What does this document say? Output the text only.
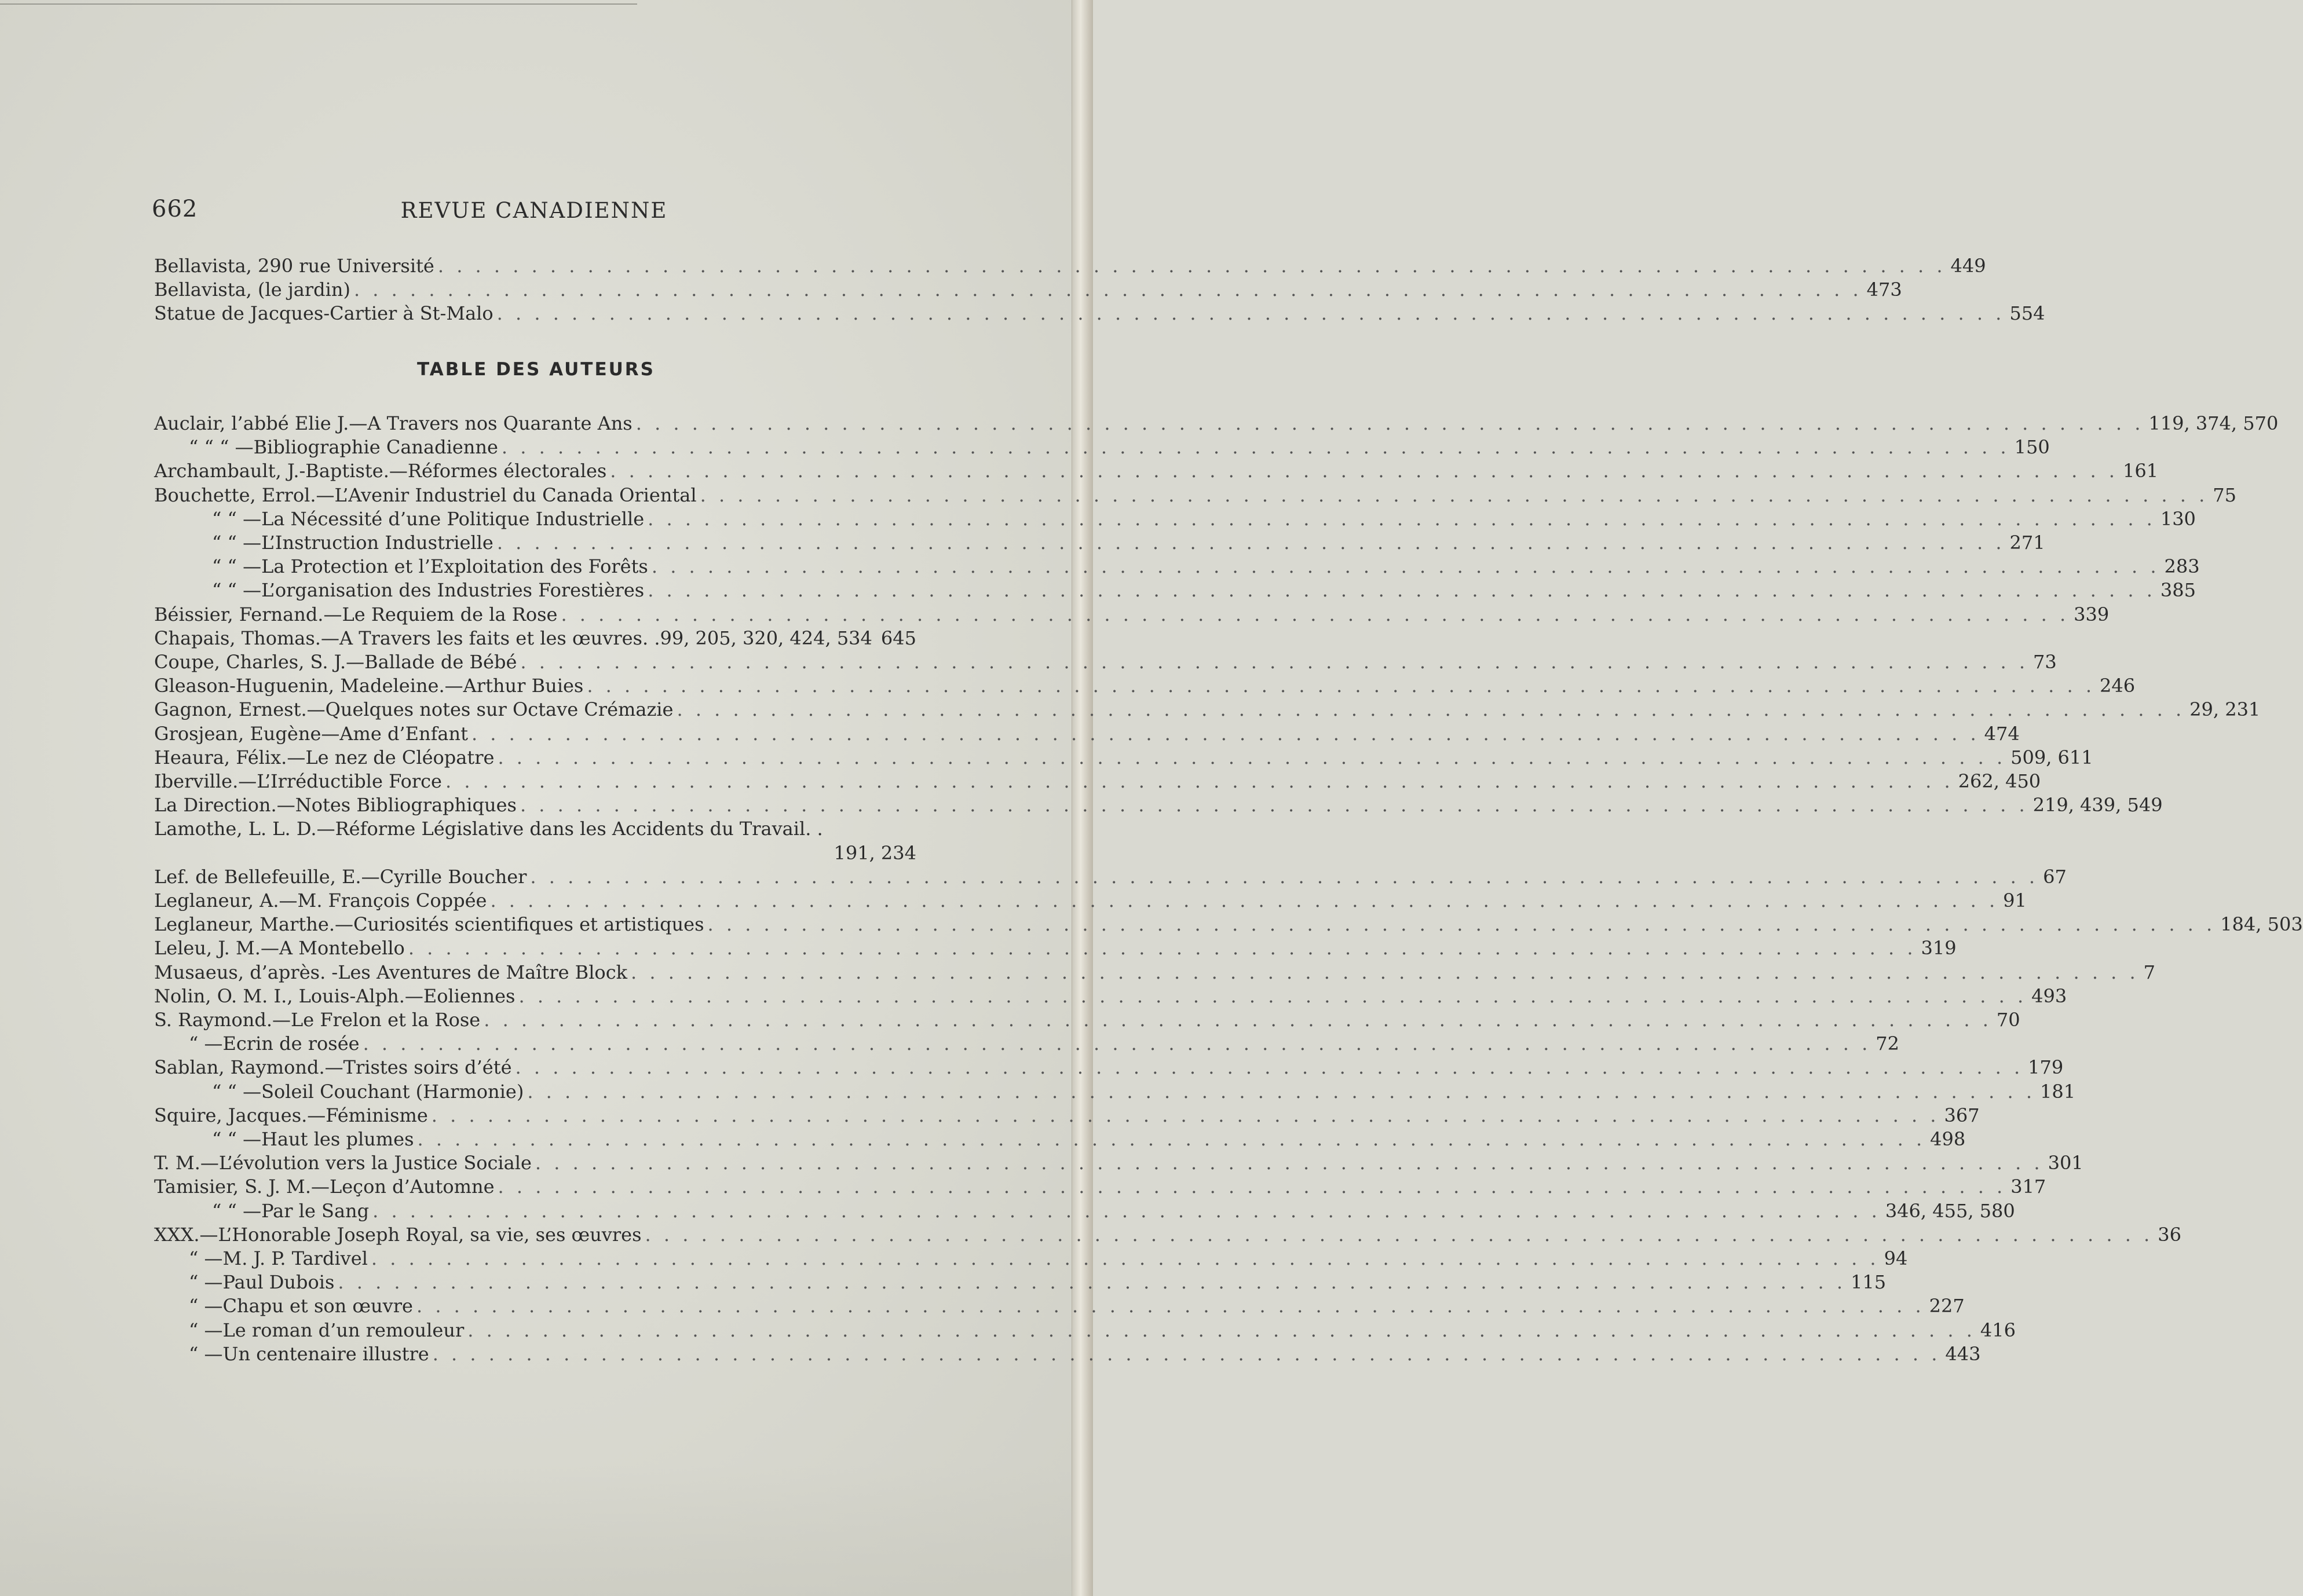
662	REVUE CANADIENNE
Bellavista, 290 rue Université . . . . . . . . . . . . . . . . . . . . . . . . . . . . . . . . . . . . . . . . . . . . . . . . . . . . . . . . . . . . . . . . . . . . . . . . . . . . . . . . . 449
Bellavista, (le jardin) . . . . . . . . . . . . . . . . . . . . . . . . . . . . . . . . . . . . . . . . . . . . . . . . . . . . . . . . . . . . . . . . . . . . . . . . . . . . . . . . . 473
Statue de Jacques-Cartier à St-Malo . . . . . . . . . . . . . . . . . . . . . . . . . . . . . . . . . . . . . . . . . . . . . . . . . . . . . . . . . . . . . . . . . . . . . . . . . . . . . . . . . 554
TABLE DES AUTEURS
Auclair, l’abbé Elie J.—A Travers nos Quarante Ans . . . . . . . . . . . . . . . . . . . . . . . . . . . . . . . . . . . . . . . . . . . . . . . . . . . . . . . . . . . . . . . . . . . . . . . . . . . . . . . . . 119, 374, 570
“ “ “ —Bibliographie Canadienne . . . . . . . . . . . . . . . . . . . . . . . . . . . . . . . . . . . . . . . . . . . . . . . . . . . . . . . . . . . . . . . . . . . . . . . . . . . . . . . . . 150
Archambault, J.-Baptiste.—Réformes électorales . . . . . . . . . . . . . . . . . . . . . . . . . . . . . . . . . . . . . . . . . . . . . . . . . . . . . . . . . . . . . . . . . . . . . . . . . . . . . . . . . 161
Bouchette, Errol.—L’Avenir Industriel du Canada Oriental . . . . . . . . . . . . . . . . . . . . . . . . . . . . . . . . . . . . . . . . . . . . . . . . . . . . . . . . . . . . . . . . . . . . . . . . . . . . . . . . . 75
“ “ —La Nécessité d’une Politique Industrielle . . . . . . . . . . . . . . . . . . . . . . . . . . . . . . . . . . . . . . . . . . . . . . . . . . . . . . . . . . . . . . . . . . . . . . . . . . . . . . . . . 130
“ “ —L’Instruction Industrielle . . . . . . . . . . . . . . . . . . . . . . . . . . . . . . . . . . . . . . . . . . . . . . . . . . . . . . . . . . . . . . . . . . . . . . . . . . . . . . . . . 271
“ “ —La Protection et l’Exploitation des Forêts . . . . . . . . . . . . . . . . . . . . . . . . . . . . . . . . . . . . . . . . . . . . . . . . . . . . . . . . . . . . . . . . . . . . . . . . . . . . . . . . . 283
“ “ —L’organisation des Industries Forestières . . . . . . . . . . . . . . . . . . . . . . . . . . . . . . . . . . . . . . . . . . . . . . . . . . . . . . . . . . . . . . . . . . . . . . . . . . . . . . . . . 385
Béissier, Fernand.—Le Requiem de la Rose . . . . . . . . . . . . . . . . . . . . . . . . . . . . . . . . . . . . . . . . . . . . . . . . . . . . . . . . . . . . . . . . . . . . . . . . . . . . . . . . . 339
Chapais, Thomas.—A Travers les faits et les œuvres. .99, 205, 320, 424, 534 645
Coupe, Charles, S. J.—Ballade de Bébé . . . . . . . . . . . . . . . . . . . . . . . . . . . . . . . . . . . . . . . . . . . . . . . . . . . . . . . . . . . . . . . . . . . . . . . . . . . . . . . . . 73
Gleason-Huguenin, Madeleine.—Arthur Buies . . . . . . . . . . . . . . . . . . . . . . . . . . . . . . . . . . . . . . . . . . . . . . . . . . . . . . . . . . . . . . . . . . . . . . . . . . . . . . . . . 246
Gagnon, Ernest.—Quelques notes sur Octave Crémazie . . . . . . . . . . . . . . . . . . . . . . . . . . . . . . . . . . . . . . . . . . . . . . . . . . . . . . . . . . . . . . . . . . . . . . . . . . . . . . . . . 29, 231
Grosjean, Eugène—Ame d’Enfant . . . . . . . . . . . . . . . . . . . . . . . . . . . . . . . . . . . . . . . . . . . . . . . . . . . . . . . . . . . . . . . . . . . . . . . . . . . . . . . . . 474
Heaura, Félix.—Le nez de Cléopatre . . . . . . . . . . . . . . . . . . . . . . . . . . . . . . . . . . . . . . . . . . . . . . . . . . . . . . . . . . . . . . . . . . . . . . . . . . . . . . . . . 509, 611
Iberville.—L’Irréductible Force . . . . . . . . . . . . . . . . . . . . . . . . . . . . . . . . . . . . . . . . . . . . . . . . . . . . . . . . . . . . . . . . . . . . . . . . . . . . . . . . . 262, 450
La Direction.—Notes Bibliographiques . . . . . . . . . . . . . . . . . . . . . . . . . . . . . . . . . . . . . . . . . . . . . . . . . . . . . . . . . . . . . . . . . . . . . . . . . . . . . . . . . 219, 439, 549
Lamothe, L. L. D.—Réforme Législative dans les Accidents du Travail. .
191, 234
Lef. de Bellefeuille, E.—Cyrille Boucher . . . . . . . . . . . . . . . . . . . . . . . . . . . . . . . . . . . . . . . . . . . . . . . . . . . . . . . . . . . . . . . . . . . . . . . . . . . . . . . . . 67
Leglaneur, A.—M. François Coppée . . . . . . . . . . . . . . . . . . . . . . . . . . . . . . . . . . . . . . . . . . . . . . . . . . . . . . . . . . . . . . . . . . . . . . . . . . . . . . . . . 91
Leglaneur, Marthe.—Curiosités scientifiques et artistiques . . . . . . . . . . . . . . . . . . . . . . . . . . . . . . . . . . . . . . . . . . . . . . . . . . . . . . . . . . . . . . . . . . . . . . . . . . . . . . . . . 184, 503
Leleu, J. M.—A Montebello . . . . . . . . . . . . . . . . . . . . . . . . . . . . . . . . . . . . . . . . . . . . . . . . . . . . . . . . . . . . . . . . . . . . . . . . . . . . . . . . . 319
Musaeus, d’après. -Les Aventures de Maître Block . . . . . . . . . . . . . . . . . . . . . . . . . . . . . . . . . . . . . . . . . . . . . . . . . . . . . . . . . . . . . . . . . . . . . . . . . . . . . . . . . 7
Nolin, O. M. I., Louis-Alph.—Eoliennes . . . . . . . . . . . . . . . . . . . . . . . . . . . . . . . . . . . . . . . . . . . . . . . . . . . . . . . . . . . . . . . . . . . . . . . . . . . . . . . . . 493
S. Raymond.—Le Frelon et la Rose . . . . . . . . . . . . . . . . . . . . . . . . . . . . . . . . . . . . . . . . . . . . . . . . . . . . . . . . . . . . . . . . . . . . . . . . . . . . . . . . . 70
“ —Ecrin de rosée . . . . . . . . . . . . . . . . . . . . . . . . . . . . . . . . . . . . . . . . . . . . . . . . . . . . . . . . . . . . . . . . . . . . . . . . . . . . . . . . . 72
Sablan, Raymond.—Tristes soirs d’été . . . . . . . . . . . . . . . . . . . . . . . . . . . . . . . . . . . . . . . . . . . . . . . . . . . . . . . . . . . . . . . . . . . . . . . . . . . . . . . . . 179
“ “ —Soleil Couchant (Harmonie) . . . . . . . . . . . . . . . . . . . . . . . . . . . . . . . . . . . . . . . . . . . . . . . . . . . . . . . . . . . . . . . . . . . . . . . . . . . . . . . . . 181
Squire, Jacques.—Féminisme . . . . . . . . . . . . . . . . . . . . . . . . . . . . . . . . . . . . . . . . . . . . . . . . . . . . . . . . . . . . . . . . . . . . . . . . . . . . . . . . . 367
“ “ —Haut les plumes . . . . . . . . . . . . . . . . . . . . . . . . . . . . . . . . . . . . . . . . . . . . . . . . . . . . . . . . . . . . . . . . . . . . . . . . . . . . . . . . . 498
T. M.—L’évolution vers la Justice Sociale . . . . . . . . . . . . . . . . . . . . . . . . . . . . . . . . . . . . . . . . . . . . . . . . . . . . . . . . . . . . . . . . . . . . . . . . . . . . . . . . . 301
Tamisier, S. J. M.—Leçon d’Automne . . . . . . . . . . . . . . . . . . . . . . . . . . . . . . . . . . . . . . . . . . . . . . . . . . . . . . . . . . . . . . . . . . . . . . . . . . . . . . . . . 317
“ “ —Par le Sang . . . . . . . . . . . . . . . . . . . . . . . . . . . . . . . . . . . . . . . . . . . . . . . . . . . . . . . . . . . . . . . . . . . . . . . . . . . . . . . . . 346, 455, 580
XXX.—L’Honorable Joseph Royal, sa vie, ses œuvres . . . . . . . . . . . . . . . . . . . . . . . . . . . . . . . . . . . . . . . . . . . . . . . . . . . . . . . . . . . . . . . . . . . . . . . . . . . . . . . . . 36
“ —M. J. P. Tardivel . . . . . . . . . . . . . . . . . . . . . . . . . . . . . . . . . . . . . . . . . . . . . . . . . . . . . . . . . . . . . . . . . . . . . . . . . . . . . . . . . 94
“ —Paul Dubois . . . . . . . . . . . . . . . . . . . . . . . . . . . . . . . . . . . . . . . . . . . . . . . . . . . . . . . . . . . . . . . . . . . . . . . . . . . . . . . . . 115
“ —Chapu et son œuvre . . . . . . . . . . . . . . . . . . . . . . . . . . . . . . . . . . . . . . . . . . . . . . . . . . . . . . . . . . . . . . . . . . . . . . . . . . . . . . . . . 227
“ —Le roman d’un remouleur . . . . . . . . . . . . . . . . . . . . . . . . . . . . . . . . . . . . . . . . . . . . . . . . . . . . . . . . . . . . . . . . . . . . . . . . . . . . . . . . . 416
“ —Un centenaire illustre . . . . . . . . . . . . . . . . . . . . . . . . . . . . . . . . . . . . . . . . . . . . . . . . . . . . . . . . . . . . . . . . . . . . . . . . . . . . . . . . . 443
